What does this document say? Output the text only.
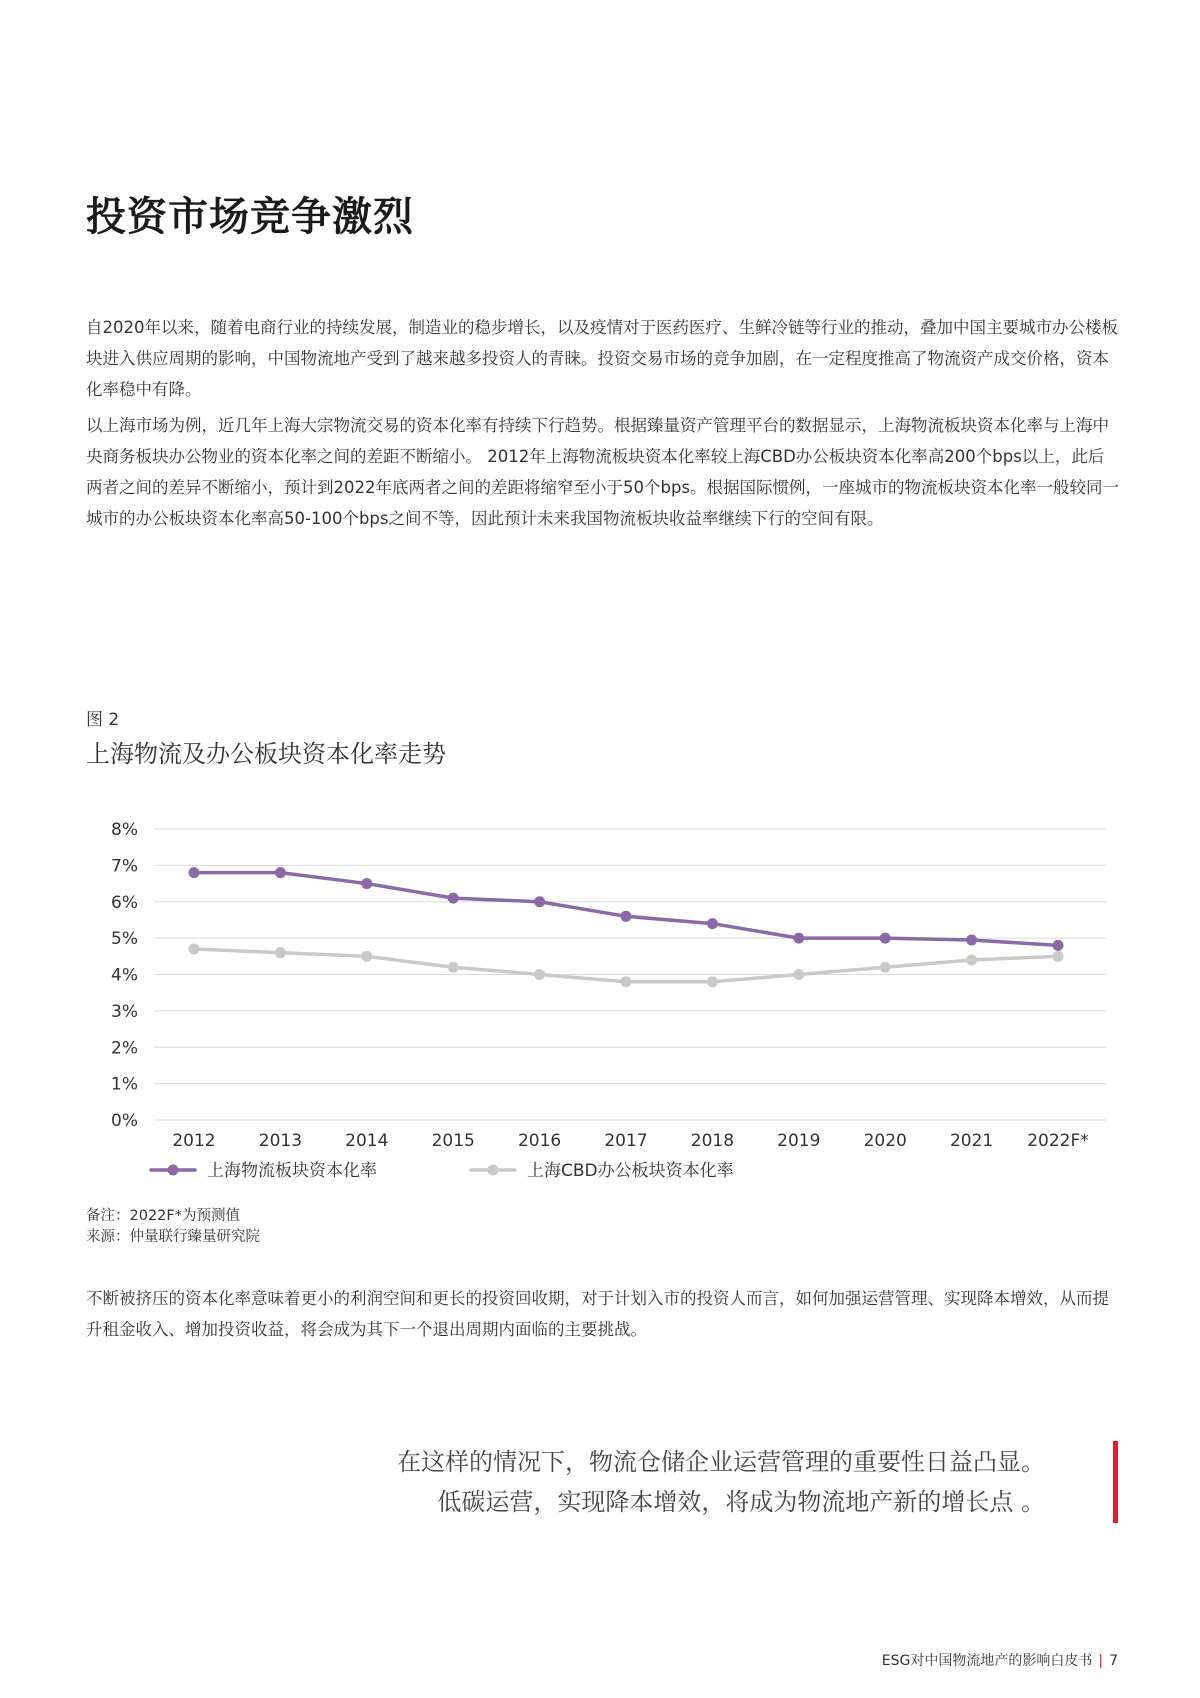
投资市场竞争激烈

自2020年以来，随着电商行业的持续发展，制造业的稳步增长，以及疫情对于医药医疗、生鲜冷链等行业的推动，叠加中国主要城市办公楼板块进入供应周期的影响，中国物流地产受到了越来越多投资人的青睐。投资交易市场的竞争加剧，在一定程度推高了物流资产成交价格，资本化率稳中有降。

以上海市场为例，近几年上海大宗物流交易的资本化率有持续下行趋势。根据臻量资产管理平台的数据显示，上海物流板块资本化率与上海中央商务板块办公物业的资本化率之间的差距不断缩小。 2012年上海物流板块资本化率较上海CBD办公板块资本化率高200个bps以上，此后两者之间的差异不断缩小，预计到2022年底两者之间的差距将缩窄至小于50个bps。根据国际惯例，一座城市的物流板块资本化率一般较同一城市的办公板块资本化率高50-100个bps之间不等，因此预计未来我国物流板块收益率继续下行的空间有限。

图 2
上海物流及办公板块资本化率走势
0%
1%
2%
3%
4%
5%
6%
7%
8%
2012	2013	2014	2015	2016	2017	2018	2019	2020	2021 2022F*
上海物流板块资本化率	上海CBD办公板块资本化率
备注：2022F*为预测值
来源：仲量联行臻量研究院

不断被挤压的资本化率意味着更小的利润空间和更长的投资回收期，对于计划入市的投资人而言，如何加强运营管理、实现降本增效，从而提升租金收入、增加投资收益，将会成为其下一个退出周期内面临的主要挑战。

在这样的情况下，物流仓储企业运营管理的重要性日益凸显。
低碳运营，实现降本增效，将成为物流地产新的增长点 。
ESG对中国物流地产的影响白皮书 | 7
